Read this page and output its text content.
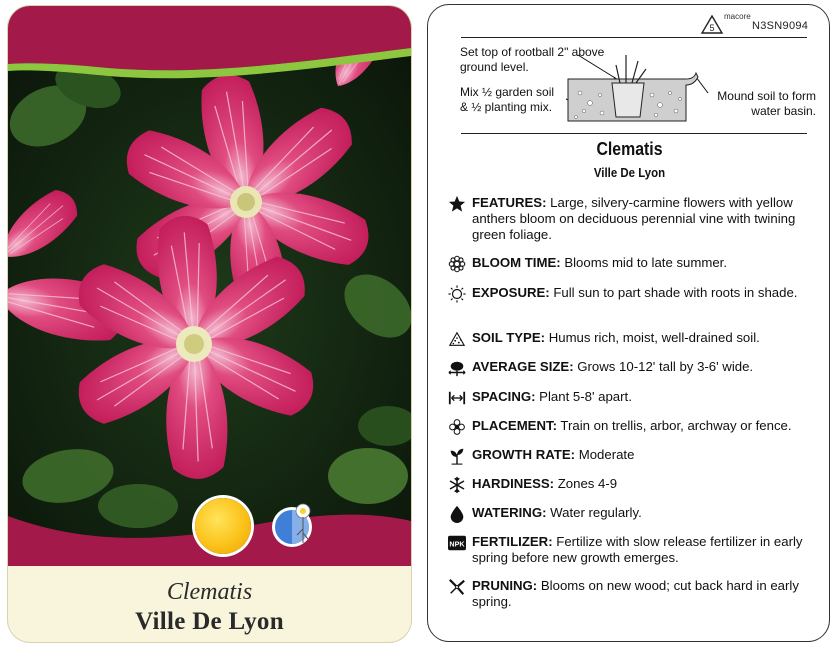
Clematis
Ville De Lyon
5
macore
N3SN9094
Set top of rootball 2" above ground level.
Mix ½ garden soil & ½ planting mix.
Mound soil to form water basin.
Clematis
Ville De Lyon
FEATURES: Large, silvery-carmine flowers with yellow anthers bloom on deciduous perennial vine with twining green foliage.
BLOOM TIME: Blooms mid to late summer.
EXPOSURE: Full sun to part shade with roots in shade.
SOIL TYPE: Humus rich, moist, well-drained soil.
AVERAGE SIZE: Grows 10-12' tall by 3-6' wide.
SPACING: Plant 5-8' apart.
PLACEMENT: Train on trellis, arbor, archway or fence.
GROWTH RATE: Moderate
HARDINESS: Zones 4-9
WATERING: Water regularly.
NPK FERTILIZER: Fertilize with slow release fertilizer in early spring before new growth emerges.
PRUNING: Blooms on new wood; cut back hard in early spring.
